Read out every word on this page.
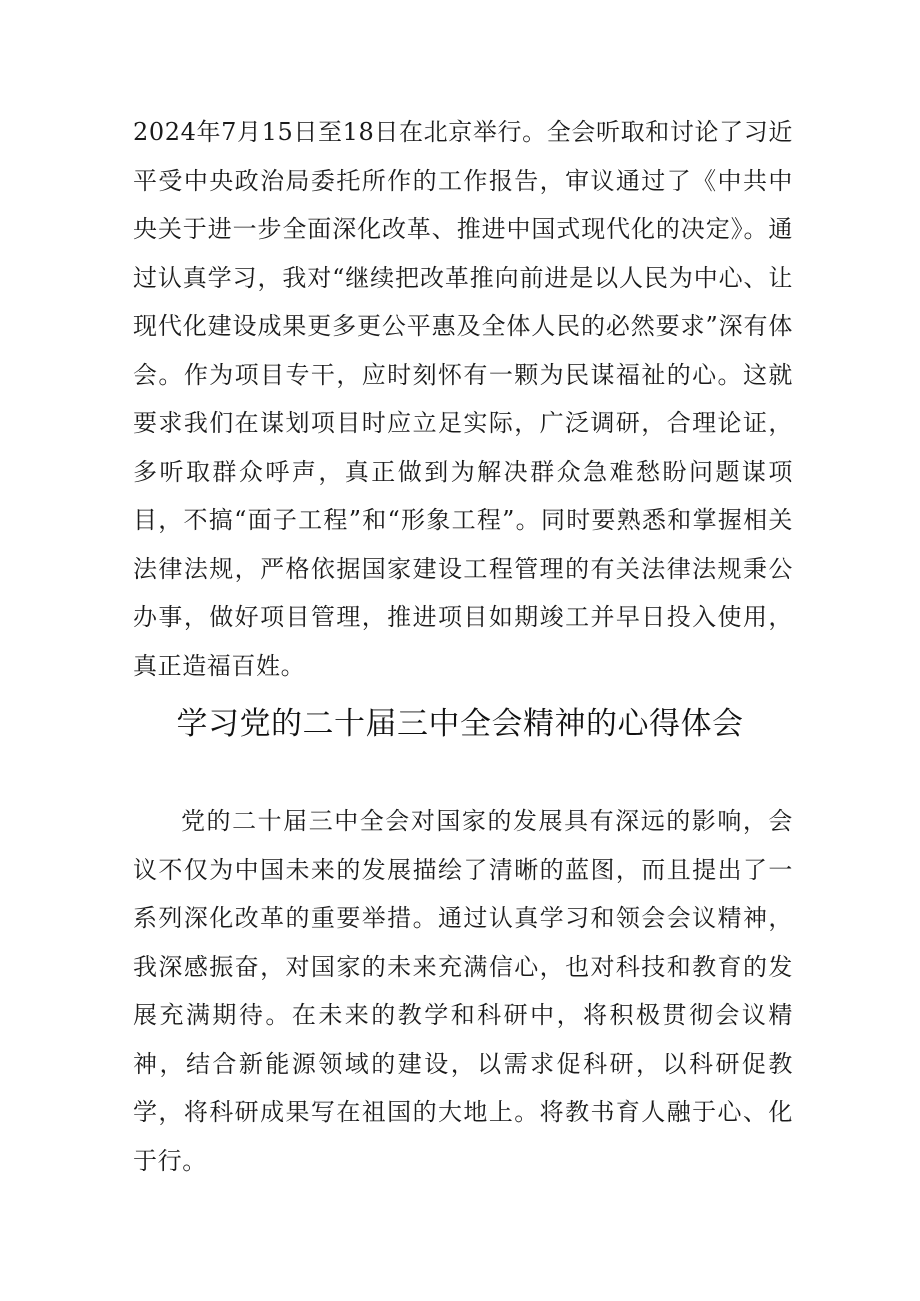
2024年7月15日至18日在北京举行。全会听取和讨论了习近平受中央政治局委托所作的工作报告，审议通过了《中共中央关于进一步全面深化改革、推进中国式现代化的决定》。通过认真学习，我对“继续把改革推向前进是以人民为中心、让现代化建设成果更多更公平惠及全体人民的必然要求”深有体会。作为项目专干，应时刻怀有一颗为民谋福祉的心。这就要求我们在谋划项目时应立足实际，广泛调研，合理论证，多听取群众呼声，真正做到为解决群众急难愁盼问题谋项目，不搞“面子工程”和“形象工程”。同时要熟悉和掌握相关法律法规，严格依据国家建设工程管理的有关法律法规秉公办事，做好项目管理，推进项目如期竣工并早日投入使用，真正造福百姓。

学习党的二十届三中全会精神的心得体会

党的二十届三中全会对国家的发展具有深远的影响，会议不仅为中国未来的发展描绘了清晰的蓝图，而且提出了一系列深化改革的重要举措。通过认真学习和领会会议精神，我深感振奋，对国家的未来充满信心，也对科技和教育的发展充满期待。在未来的教学和科研中，将积极贯彻会议精神，结合新能源领域的建设，以需求促科研，以科研促教学，将科研成果写在祖国的大地上。将教书育人融于心、化于行。
